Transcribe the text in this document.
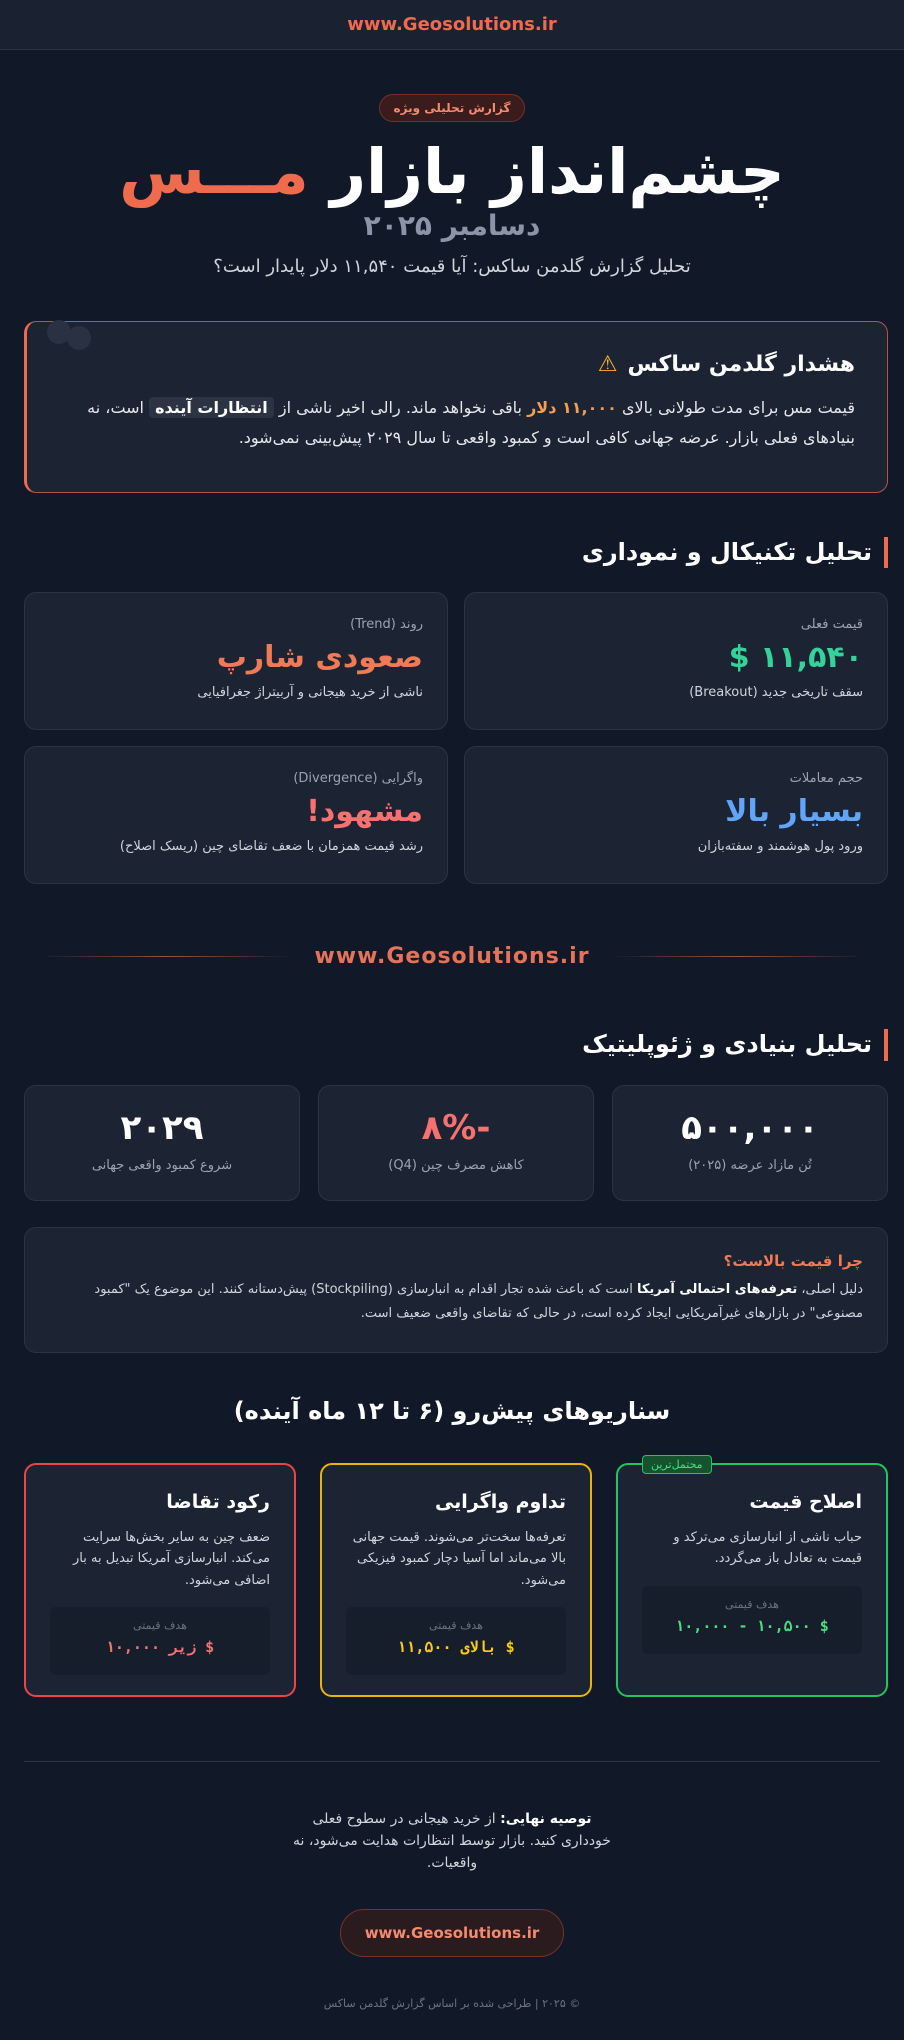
www.Geosolutions.ir
گزارش تحلیلی ویژه
چشم‌انداز بازار مـــس
دسامبر ۲۰۲۵
تحلیل گزارش گلدمن ساکس: آیا قیمت ۱۱,۵۴۰ دلار پایدار است؟
هشدار گلدمن ساکس
⚠

قیمت مس برای مدت طولانی بالای ۱۱,۰۰۰ دلار باقی نخواهد ماند. رالی اخیر ناشی از انتظارات آینده است، نه بنیادهای فعلی بازار. عرضه جهانی کافی است و کمبود واقعی تا سال ۲۰۲۹ پیش‌بینی نمی‌شود.

تحلیل تکنیکال و نموداری
قیمت فعلی
۱۱,۵۴۰ $
سقف تاریخی جدید (Breakout)
روند (Trend)
صعودی شارپ
ناشی از خرید هیجانی و آربیتراژ جغرافیایی
حجم معاملات
بسیار بالا
ورود پول هوشمند و سفته‌بازان
واگرایی (Divergence)
مشهود!
رشد قیمت همزمان با ضعف تقاضای چین (ریسک اصلاح)
www.Geosolutions.ir
تحلیل بنیادی و ژئوپلیتیک
۵۰۰,۰۰۰
تُن مازاد عرضه (۲۰۲۵)
-۸%
کاهش مصرف چین (Q4)
۲۰۲۹
شروع کمبود واقعی جهانی
چرا قیمت بالاست؟

دلیل اصلی، تعرفه‌های احتمالی آمریکا است که باعث شده تجار اقدام به انبارسازی (Stockpiling) پیش‌دستانه کنند. این موضوع یک "کمبود مصنوعی" در بازارهای غیرآمریکایی ایجاد کرده است، در حالی که تقاضای واقعی ضعیف است.

سناریوهای پیش‌رو (۶ تا ۱۲ ماه آینده)
محتمل‌ترین
اصلاح قیمت

حباب ناشی از انبارسازی می‌ترکد و قیمت به تعادل باز می‌گردد.

هدف قیمتی
$ ۱۰,۵۰۰ - ۱۰,۰۰۰
تداوم واگرایی

تعرفه‌ها سخت‌تر می‌شوند. قیمت جهانی بالا می‌ماند اما آسیا دچار کمبود فیزیکی می‌شود.

هدف قیمتی
$ بالای ۱۱,۵۰۰
رکود تقاضا

ضعف چین به سایر بخش‌ها سرایت می‌کند. انبارسازی آمریکا تبدیل به بار اضافی می‌شود.

هدف قیمتی
$ زیر ۱۰,۰۰۰

توصیه نهایی: از خرید هیجانی در سطوح فعلی خودداری کنید. بازار توسط انتظارات هدایت می‌شود، نه واقعیات.

www.Geosolutions.ir
© ۲۰۲۵ | طراحی شده بر اساس گزارش گلدمن ساکس
